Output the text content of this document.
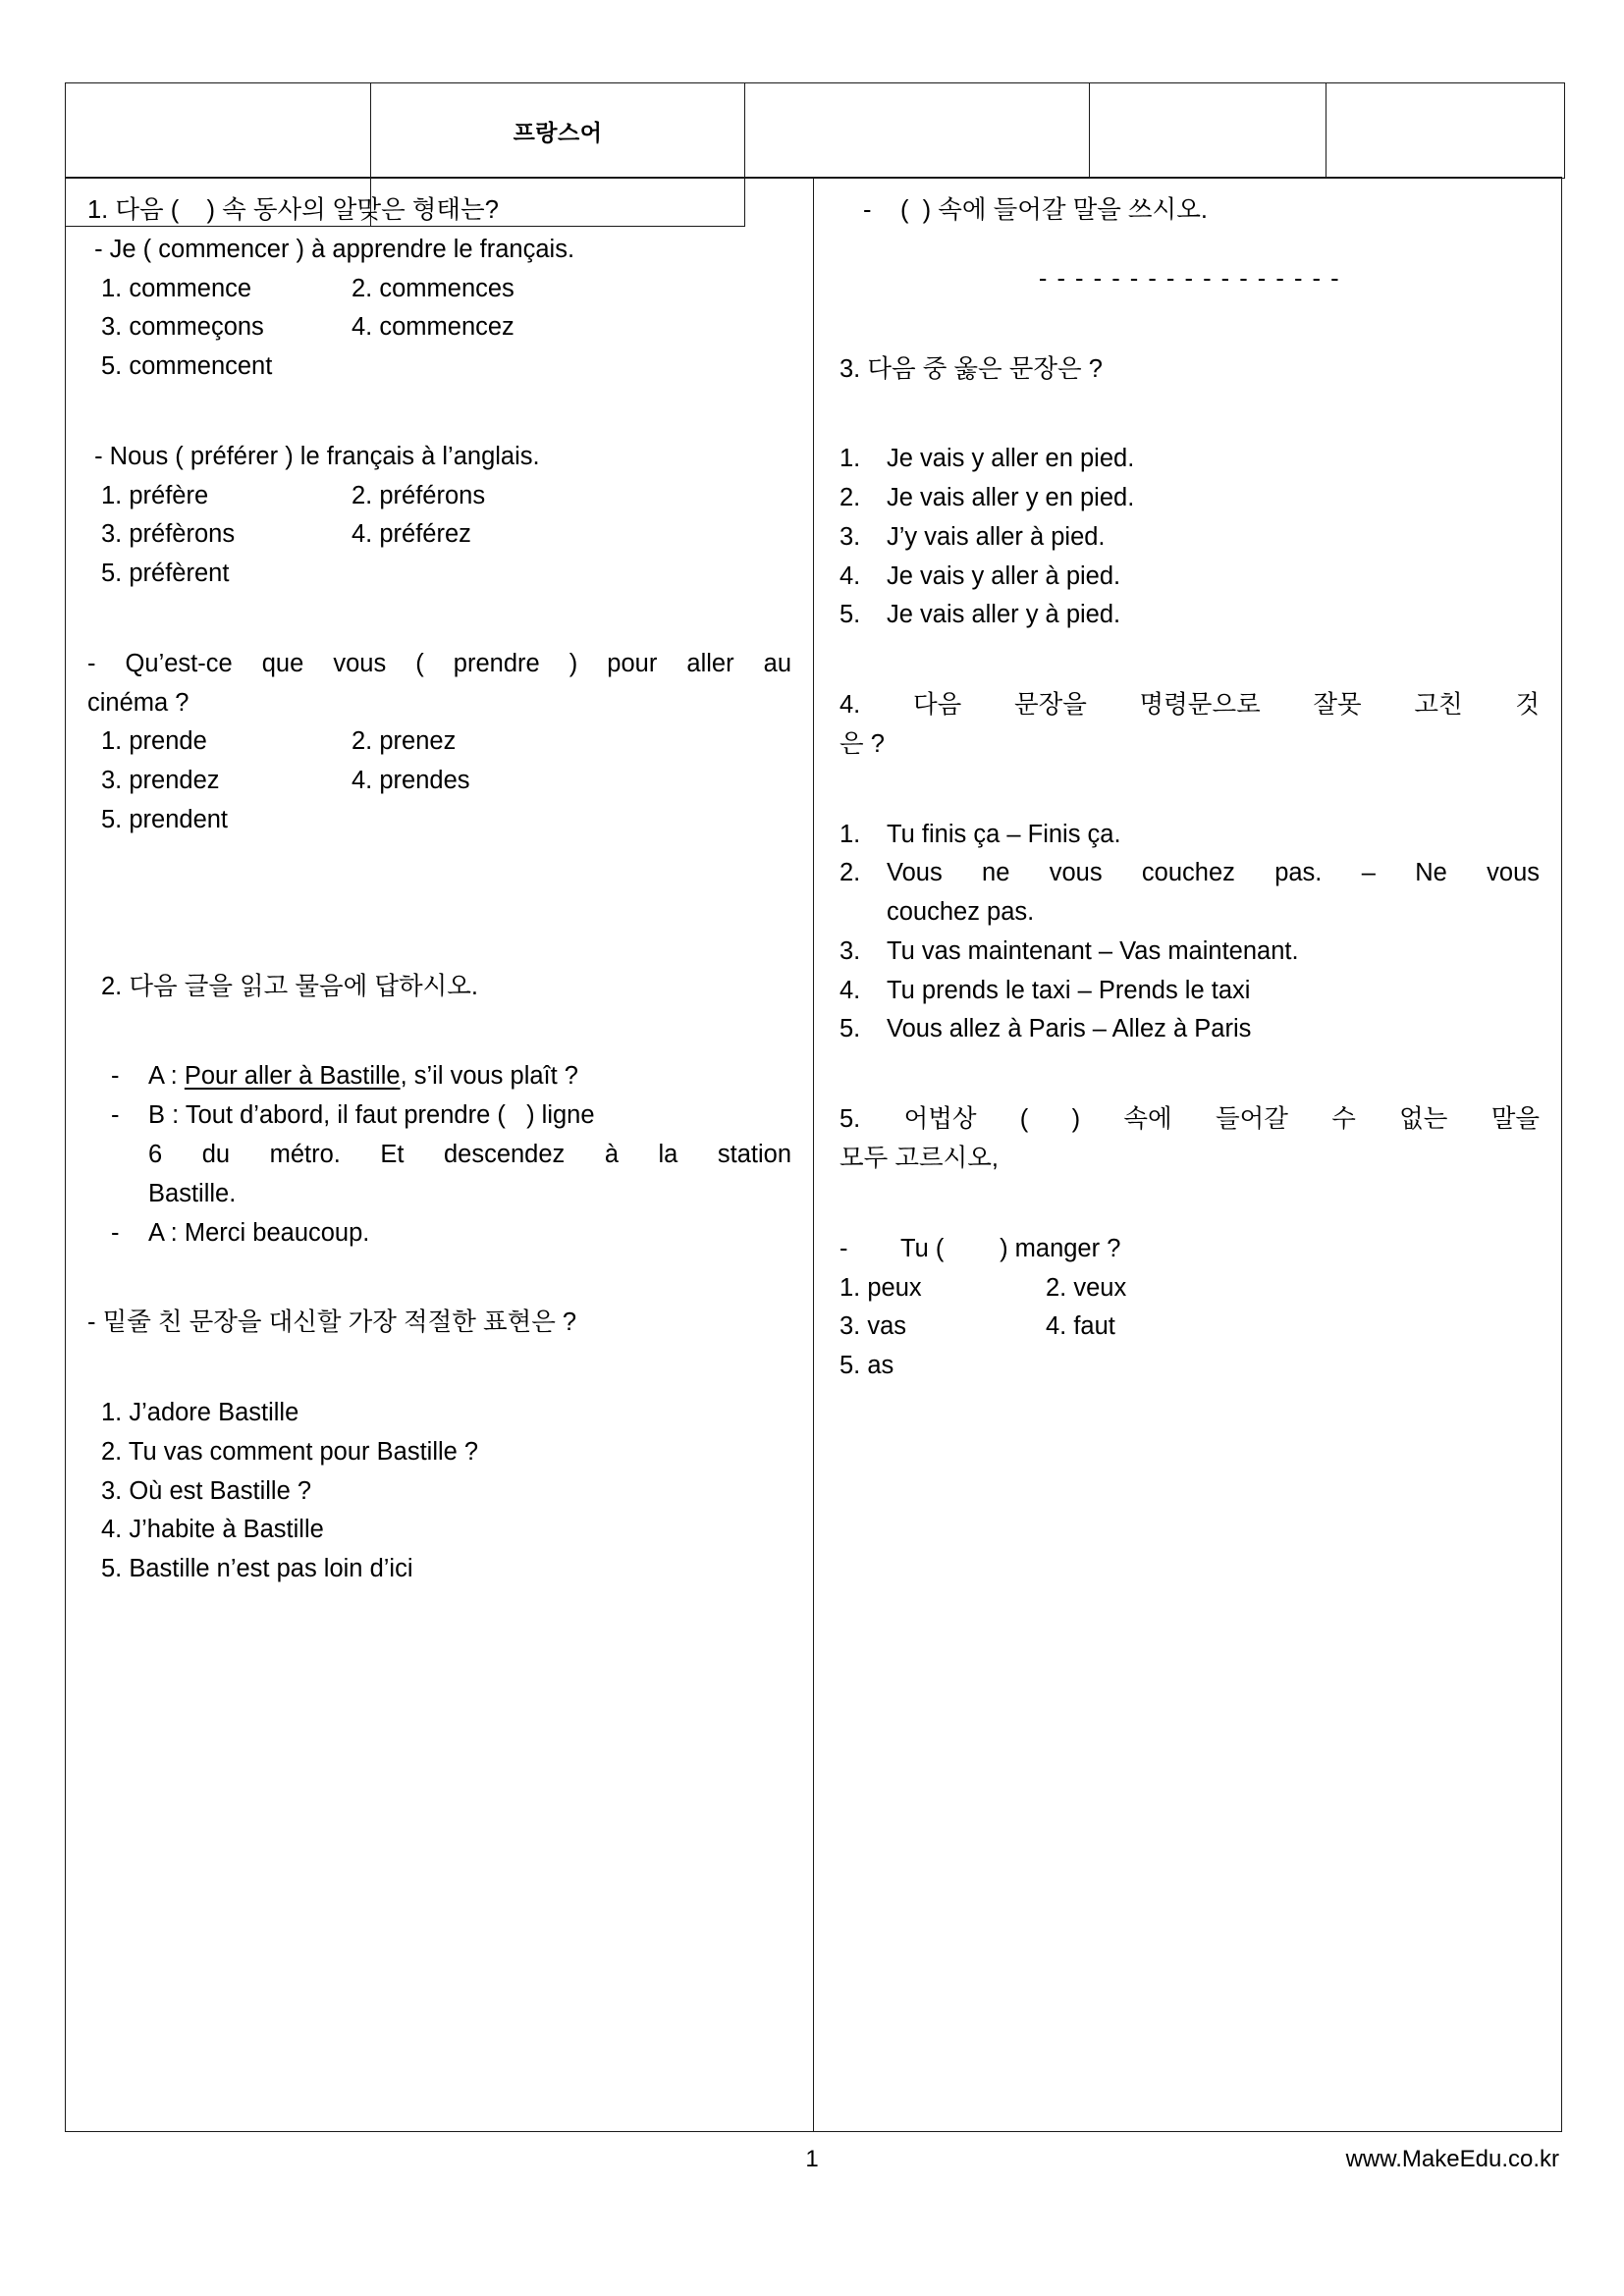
	프랑스어			

1. 다음 (    ) 속 동사의 알맞은 형태는?
- Je ( commencer ) à apprendre le français.
1. commence	2. commences
3. commeçons	4. commencez
5. commencent
- Nous ( préférer ) le français à l’anglais.
1. préfère	2. préférons
3. préfèrons	4. préférez
5. préfèrent
- Qu’est-ce que vous ( prendre ) pour aller au
cinéma ?
1. prende	2. prenez
3. prendez	4. prendes
5. prendent
2. 다음 글을 읽고 물음에 답하시오.
-	A : Pour aller à Bastille, s’il vous plaît ?
-	B : Tout d’abord, il faut prendre (   ) ligne
6 du métro. Et descendez à la station
Bastille.
-	A : Merci beaucoup.
- 밑줄 친 문장을 대신할 가장 적절한 표현은 ?
1. J’adore Bastille
2. Tu vas comment pour Bastille ?
3. Où est Bastille ?
4. J’habite à Bastille
5. Bastille n’est pas loin d’ici

-	(  ) 속에 들어갈 말을 쓰시오.
- - - - - - - - - - - - - - - - -
3. 다음 중 옳은 문장은 ?
1.	Je vais y aller en pied.
2.	Je vais aller y en pied.
3.	J’y vais aller à pied.
4.	Je vais y aller à pied.
5.	Je vais aller y à pied.
4. 다음 문장을 명령문으로 잘못 고친 것
은 ?
1.	Tu finis ça – Finis ça.
2.	Vous ne vous couchez pas. – Ne vous
couchez pas.
3.	Tu vas maintenant – Vas maintenant.
4.	Tu prends le taxi – Prends le taxi
5.	Vous allez à Paris – Allez à Paris
5. 어법상 ( ) 속에 들어갈 수 없는 말을
모두 고르시오,
-	Tu (        ) manger ?
1. peux	2. veux
3. vas	4. faut
5. as
1	www.MakeEdu.co.kr
